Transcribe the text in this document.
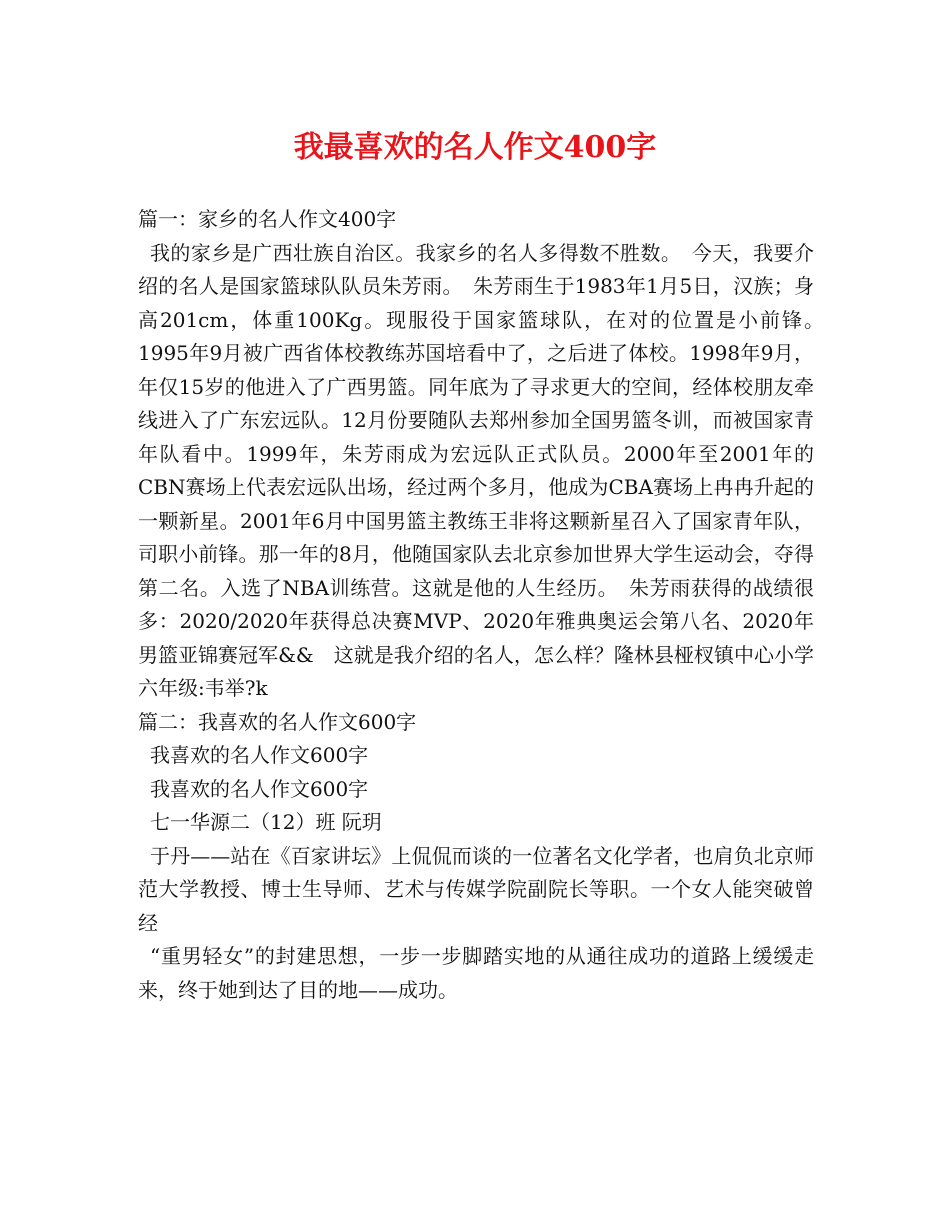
我最喜欢的名人作文400字

篇一：家乡的名人作文400字

我的家乡是广西壮族自治区。我家乡的名人多得数不胜数。　今天，我要介绍的名人是国家篮球队队员朱芳雨。　朱芳雨生于1983年1月5日，汉族；身高201cm，体重100Kg。现服役于国家篮球队，在对的位置是小前锋。　1995年9月被广西省体校教练苏国培看中了，之后进了体校。1998年9月，年仅15岁的他进入了广西男篮。同年底为了寻求更大的空间，经体校朋友牵线进入了广东宏远队。12月份要随队去郑州参加全国男篮冬训，而被国家青年队看中。1999年，朱芳雨成为宏远队正式队员。2000年至2001年的CBN赛场上代表宏远队出场，经过两个多月，他成为CBA赛场上冉冉升起的一颗新星。2001年6月中国男篮主教练王非将这颗新星召入了国家青年队，司职小前锋。那一年的8月，他随国家队去北京参加世界大学生运动会，夺得第二名。入选了NBA训练营。这就是他的人生经历。　朱芳雨获得的战绩很多：2020/2020年获得总决赛MVP、2020年雅典奥运会第八名、2020年男篮亚锦赛冠军&&　这就是我介绍的名人，怎么样？隆林县桠杈镇中心小学六年级:韦举?k

篇二：我喜欢的名人作文600字

我喜欢的名人作文600字

我喜欢的名人作文600字

七一华源二（12）班 阮玥

于丹——站在《百家讲坛》上侃侃而谈的一位著名文化学者，也肩负北京师范大学教授、博士生导师、艺术与传媒学院副院长等职。一个女人能突破曾经

“重男轻女”的封建思想，一步一步脚踏实地的从通往成功的道路上缓缓走来，终于她到达了目的地——成功。
